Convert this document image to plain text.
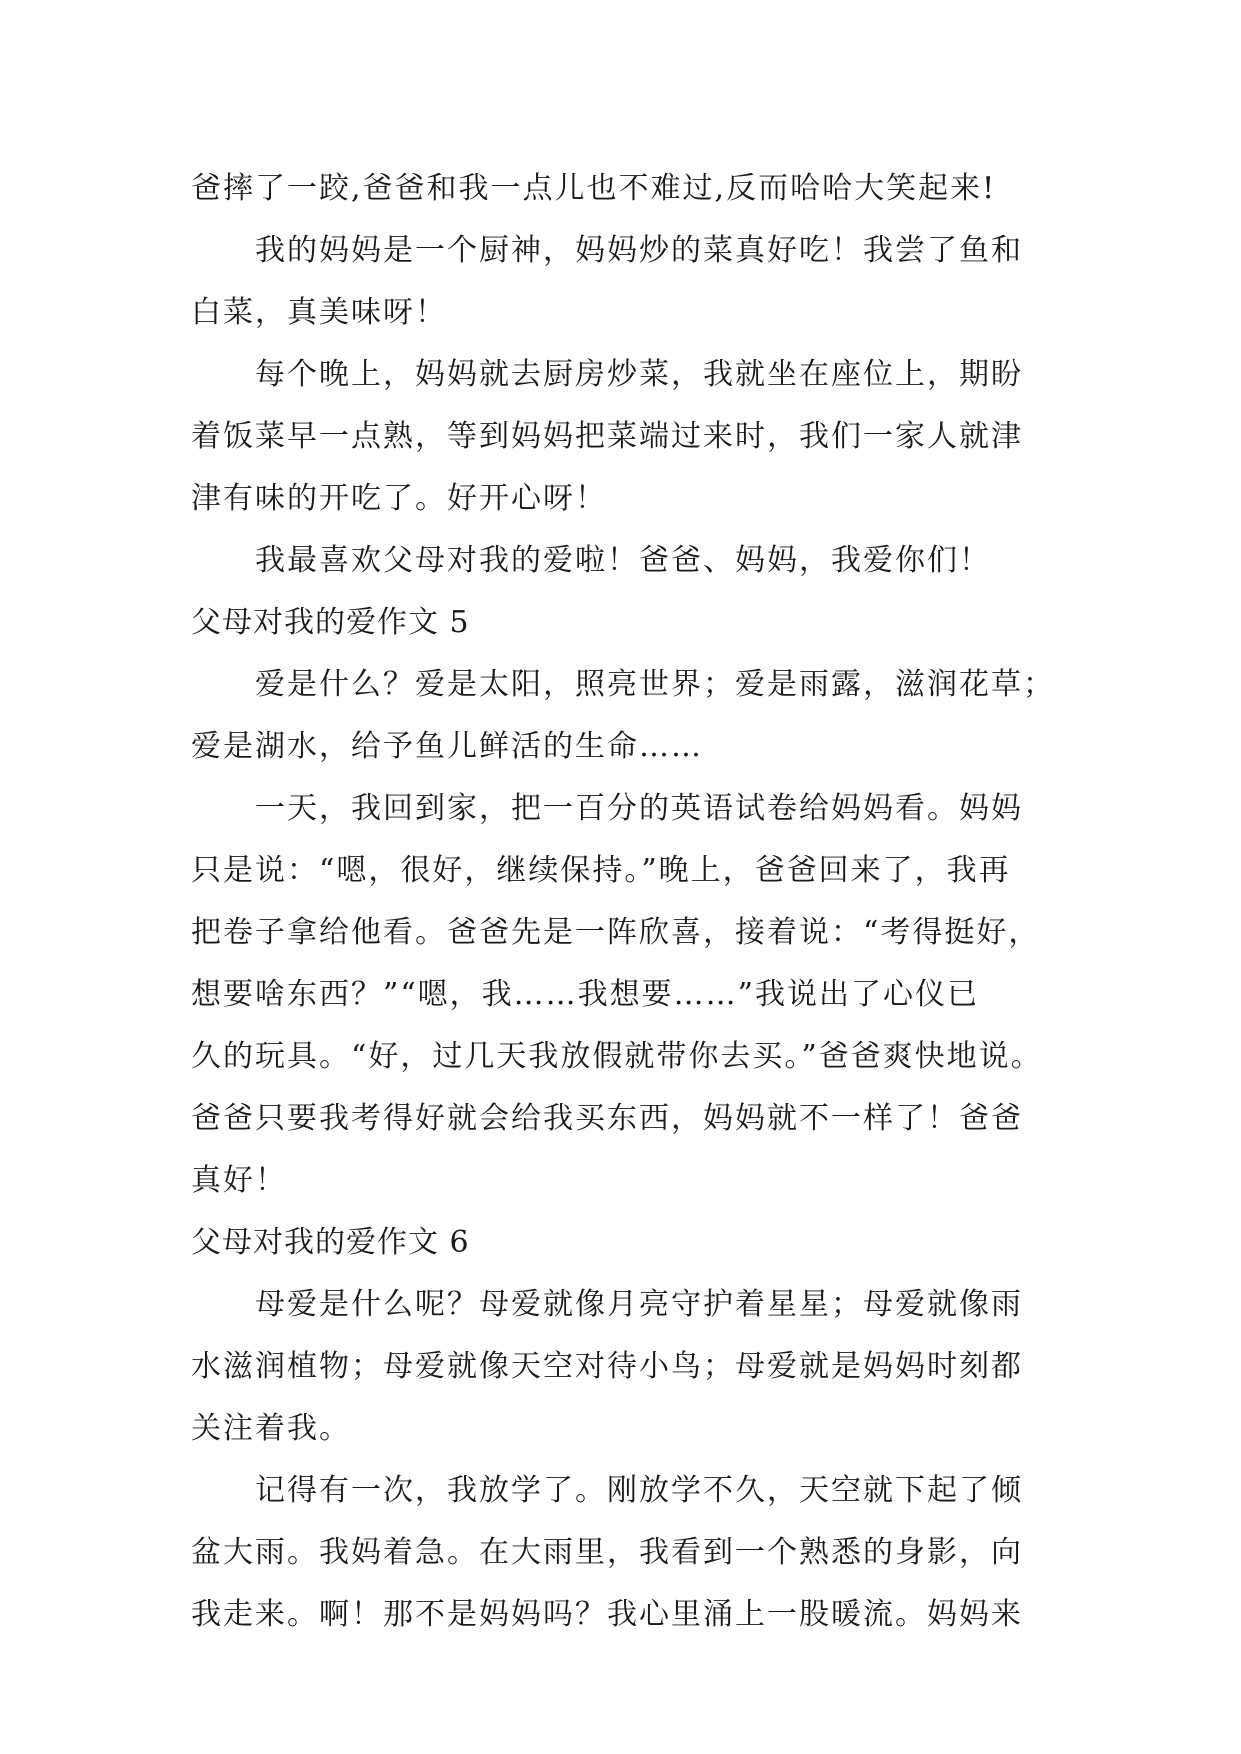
爸摔了一跤,爸爸和我一点儿也不难过,反而哈哈大笑起来!
我的妈妈是一个厨神，妈妈炒的菜真好吃！我尝了鱼和
白菜，真美味呀！
每个晚上，妈妈就去厨房炒菜，我就坐在座位上，期盼
着饭菜早一点熟，等到妈妈把菜端过来时，我们一家人就津
津有味的开吃了。好开心呀！
我最喜欢父母对我的爱啦！爸爸、妈妈，我爱你们！
父母对我的爱作文 5
爱是什么？爱是太阳，照亮世界；爱是雨露，滋润花草；
爱是湖水，给予鱼儿鲜活的生命……
一天，我回到家，把一百分的英语试卷给妈妈看。妈妈
只是说：“嗯，很好，继续保持。”晚上，爸爸回来了，我再
把卷子拿给他看。爸爸先是一阵欣喜，接着说：“考得挺好，
想要啥东西？”“嗯，我……我想要……”我说出了心仪已
久的玩具。“好，过几天我放假就带你去买。”爸爸爽快地说。
爸爸只要我考得好就会给我买东西，妈妈就不一样了！爸爸
真好！
父母对我的爱作文 6
母爱是什么呢？母爱就像月亮守护着星星；母爱就像雨
水滋润植物；母爱就像天空对待小鸟；母爱就是妈妈时刻都
关注着我。
记得有一次，我放学了。刚放学不久，天空就下起了倾
盆大雨。我妈着急。在大雨里，我看到一个熟悉的身影，向
我走来。啊！那不是妈妈吗？我心里涌上一股暖流。妈妈来
